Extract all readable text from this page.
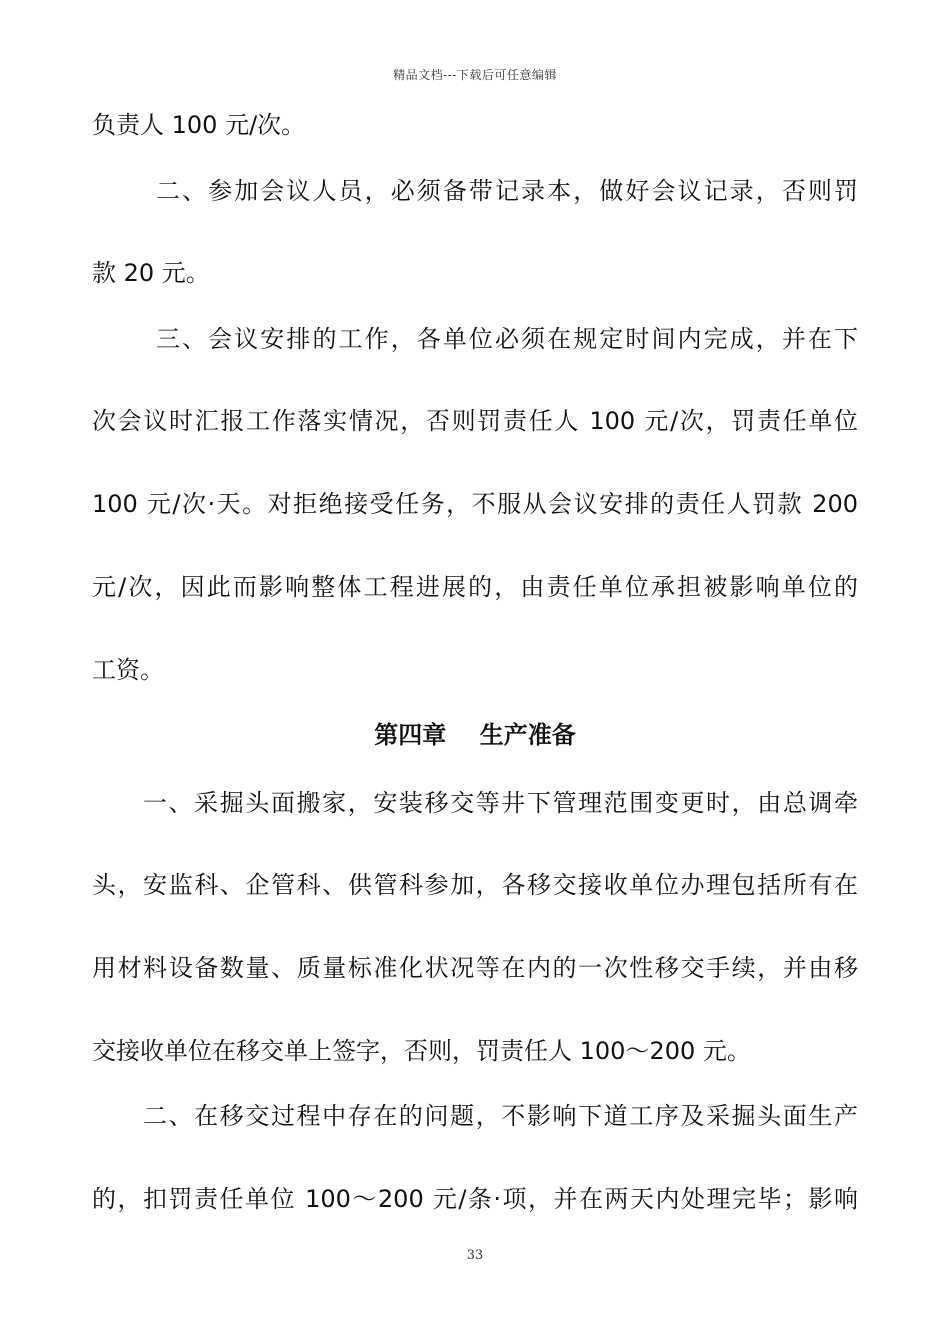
精品文档---下载后可任意编辑
负责人 100 元/次。
二、参加会议人员，必须备带记录本，做好会议记录，否则罚
款 20 元。
三、会议安排的工作，各单位必须在规定时间内完成，并在下
次会议时汇报工作落实情况，否则罚责任人 100 元/次，罚责任单位
100 元/次·天。对拒绝接受任务，不服从会议安排的责任人罚款 200
元/次，因此而影响整体工程进展的，由责任单位承担被影响单位的
工资。
第四章    生产准备
一、采掘头面搬家，安装移交等井下管理范围变更时，由总调牵
头，安监科、企管科、供管科参加，各移交接收单位办理包括所有在
用材料设备数量、质量标准化状况等在内的一次性移交手续，并由移
交接收单位在移交单上签字，否则，罚责任人 100～200 元。
二、在移交过程中存在的问题，不影响下道工序及采掘头面生产
的，扣罚责任单位 100～200 元/条·项，并在两天内处理完毕；影响
33
